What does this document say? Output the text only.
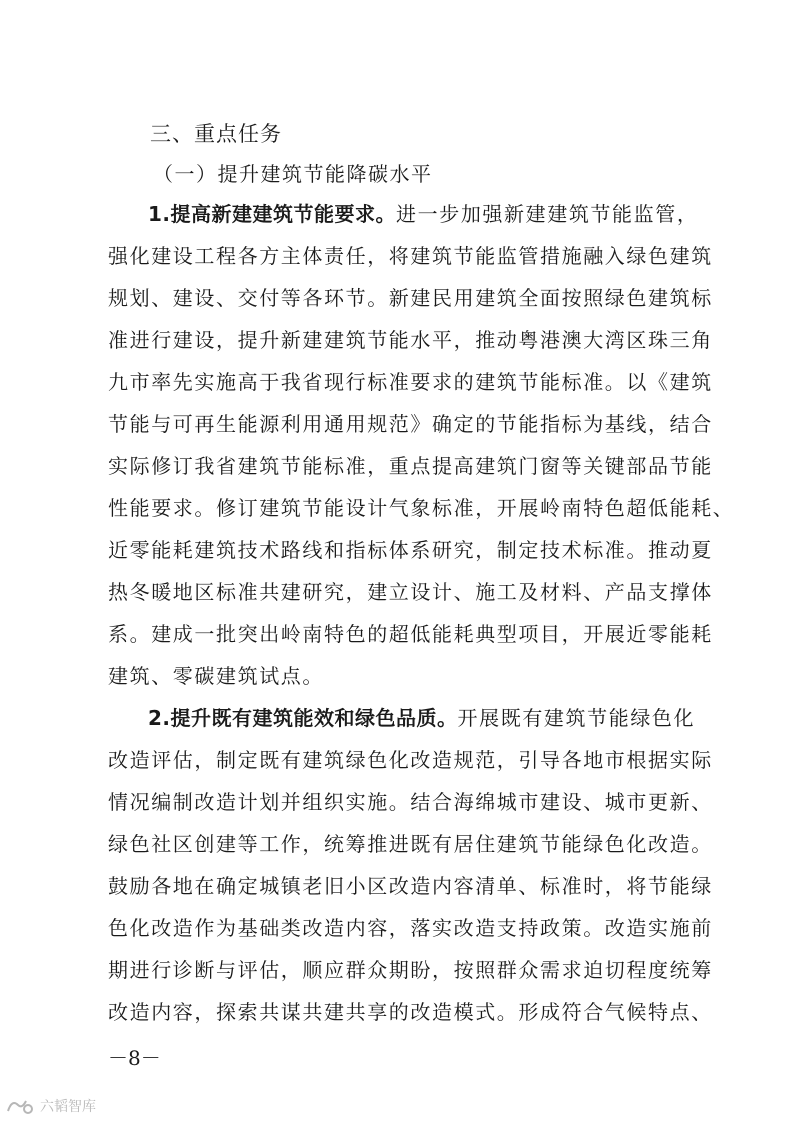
三、重点任务
（一）提升建筑节能降碳水平
1.提高新建建筑节能要求。进一步加强新建建筑节能监管，
强化建设工程各方主体责任，将建筑节能监管措施融入绿色建筑
规划、建设、交付等各环节。新建民用建筑全面按照绿色建筑标
准进行建设，提升新建建筑节能水平，推动粤港澳大湾区珠三角
九市率先实施高于我省现行标准要求的建筑节能标准。以《建筑
节能与可再生能源利用通用规范》确定的节能指标为基线，结合
实际修订我省建筑节能标准，重点提高建筑门窗等关键部品节能
性能要求。修订建筑节能设计气象标准，开展岭南特色超低能耗、
近零能耗建筑技术路线和指标体系研究，制定技术标准。推动夏
热冬暖地区标准共建研究，建立设计、施工及材料、产品支撑体
系。建成一批突出岭南特色的超低能耗典型项目，开展近零能耗
建筑、零碳建筑试点。
2.提升既有建筑能效和绿色品质。开展既有建筑节能绿色化
改造评估，制定既有建筑绿色化改造规范，引导各地市根据实际
情况编制改造计划并组织实施。结合海绵城市建设、城市更新、
绿色社区创建等工作，统筹推进既有居住建筑节能绿色化改造。
鼓励各地在确定城镇老旧小区改造内容清单、标准时，将节能绿
色化改造作为基础类改造内容，落实改造支持政策。改造实施前
期进行诊断与评估，顺应群众期盼，按照群众需求迫切程度统筹
改造内容，探索共谋共建共享的改造模式。形成符合气候特点、
－8－
六韬智库
